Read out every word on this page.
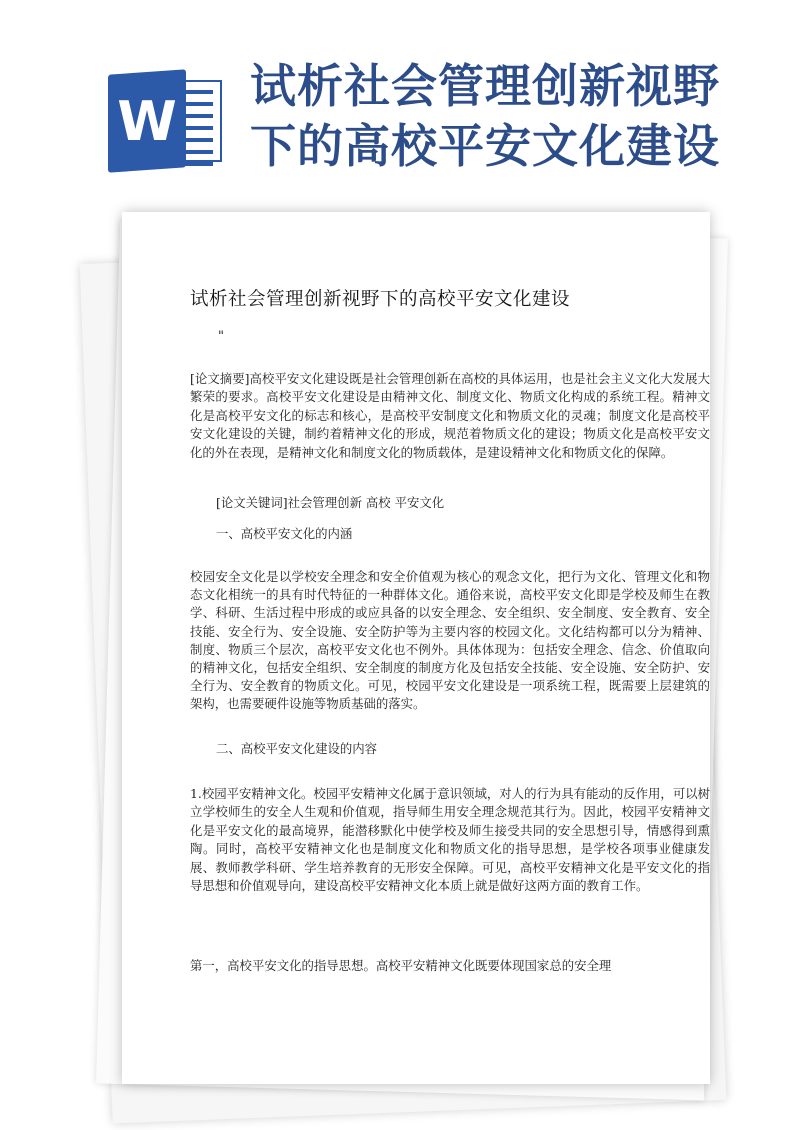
W
试析社会管理创新视野
下的高校平安文化建设
试析社会管理创新视野下的高校平安文化建设
"

[论文摘要]高校平安文化建设既是社会管理创新在高校的具体运用，也是社会主义文化大发展大繁荣的要求。高校平安文化建设是由精神文化、制度文化、物质文化构成的系统工程。精神文化是高校平安文化的标志和核心，是高校平安制度文化和物质文化的灵魂；制度文化是高校平安文化建设的关键，制约着精神文化的形成，规范着物质文化的建设；物质文化是高校平安文化的外在表现，是精神文化和制度文化的物质载体，是建设精神文化和物质文化的保障。

[论文关键词]社会管理创新 高校 平安文化
一、高校平安文化的内涵

校园安全文化是以学校安全理念和安全价值观为核心的观念文化，把行为文化、管理文化和物态文化相统一的具有时代特征的一种群体文化。通俗来说，高校平安文化即是学校及师生在教学、科研、生活过程中形成的或应具备的以安全理念、安全组织、安全制度、安全教育、安全技能、安全行为、安全设施、安全防护等为主要内容的校园文化。文化结构都可以分为精神、制度、物质三个层次，高校平安文化也不例外。具体体现为：包括安全理念、信念、价值取向的精神文化，包括安全组织、安全制度的制度方化及包括安全技能、安全设施、安全防护、安全行为、安全教育的物质文化。可见，校园平安文化建设是一项系统工程，既需要上层建筑的架构，也需要硬件设施等物质基础的落实。

二、高校平安文化建设的内容

1.校园平安精神文化。校园平安精神文化属于意识领域，对人的行为具有能动的反作用，可以树立学校师生的安全人生观和价值观，指导师生用安全理念规范其行为。因此，校园平安精神文化是平安文化的最高境界，能潜移默化中使学校及师生接受共同的安全思想引导，情感得到熏陶。同时，高校平安精神文化也是制度文化和物质文化的指导思想，是学校各项事业健康发展、教师教学科研、学生培养教育的无形安全保障。可见，高校平安精神文化是平安文化的指导思想和价值观导向，建设高校平安精神文化本质上就是做好这两方面的教育工作。

第一，高校平安文化的指导思想。高校平安精神文化既要体现国家总的安全理
